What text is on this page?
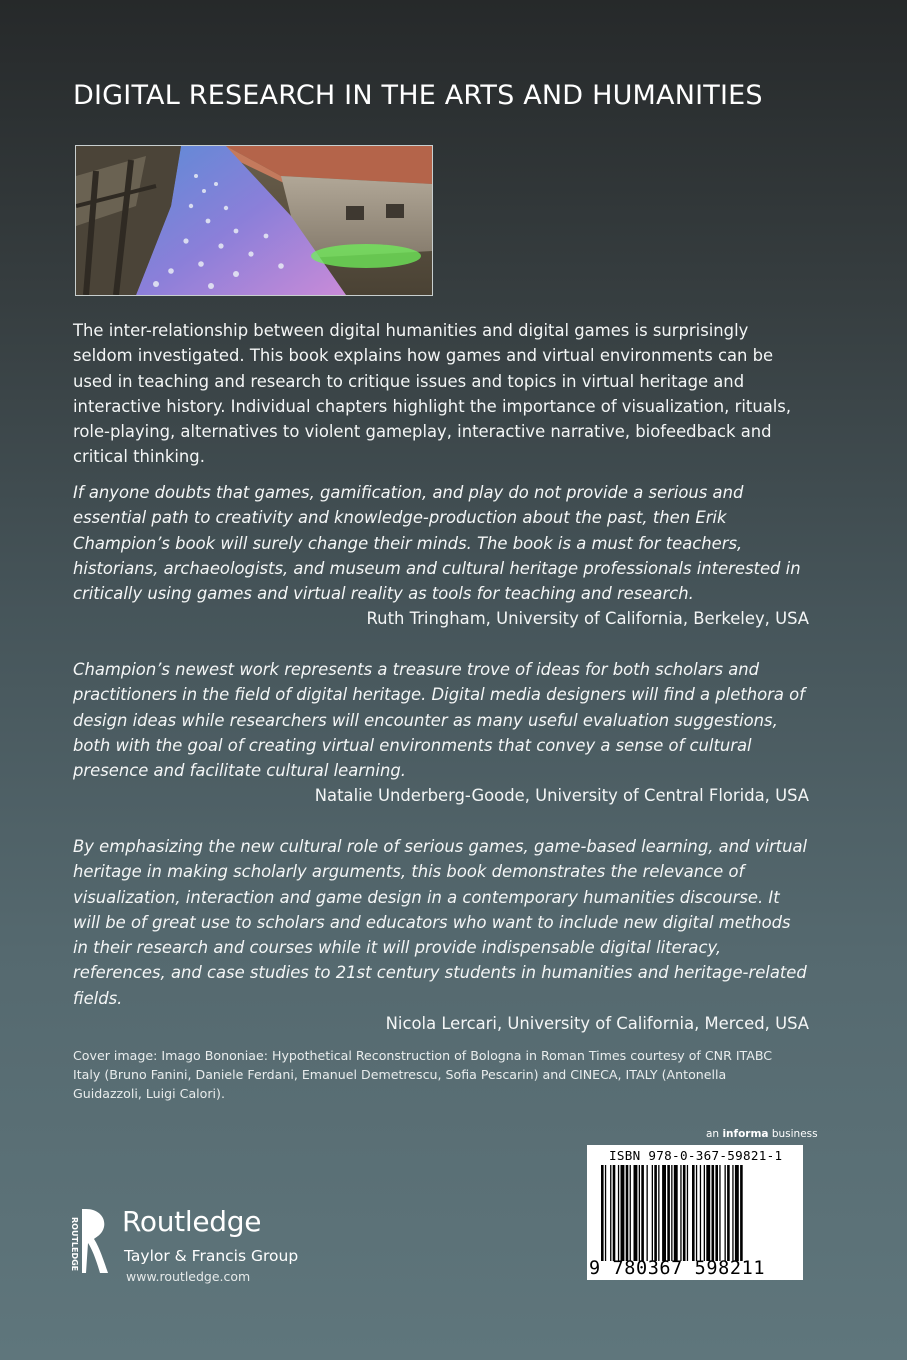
DIGITAL RESEARCH IN THE ARTS AND HUMANITIES

The inter-relationship between digital humanities and digital games is surprisingly seldom investigated. This book explains how games and virtual environments can be used in teaching and research to critique issues and topics in virtual heritage and interactive history. Individual chapters highlight the importance of visualization, rituals, role-playing, alternatives to violent gameplay, interactive narrative, biofeedback and critical thinking.

If anyone doubts that games, gamification, and play do not provide a serious and essential path to creativity and knowledge-production about the past, then Erik Champion’s book will surely change their minds. The book is a must for teachers, historians, archaeologists, and museum and cultural heritage professionals interested in critically using games and virtual reality as tools for teaching and research.

Ruth Tringham, University of California, Berkeley, USA

Champion’s newest work represents a treasure trove of ideas for both scholars and practitioners in the field of digital heritage. Digital media designers will find a plethora of design ideas while researchers will encounter as many useful evaluation suggestions, both with the goal of creating virtual environments that convey a sense of cultural presence and facilitate cultural learning.

Natalie Underberg-Goode, University of Central Florida, USA

By emphasizing the new cultural role of serious games, game-based learning, and virtual heritage in making scholarly arguments, this book demonstrates the relevance of visualization, interaction and game design in a contemporary humanities discourse. It will be of great use to scholars and educators who want to include new digital methods in their research and courses while it will provide indispensable digital literacy, references, and case studies to 21st century students in humanities and heritage-related fields.

Nicola Lercari, University of California, Merced, USA

Cover image: Imago Bononiae: Hypothetical Reconstruction of Bologna in Roman Times courtesy of CNR ITABC Italy (Bruno Fanini, Daniele Ferdani, Emanuel Demetrescu, Sofia Pescarin) and CINECA, ITALY (Antonella Guidazzoli, Luigi Calori).

ROUTLEDGE Routledge
Taylor & Francis Group
www.routledge.com
an informa business
ISBN 978-0-367-59821-1
9 780367 598211
